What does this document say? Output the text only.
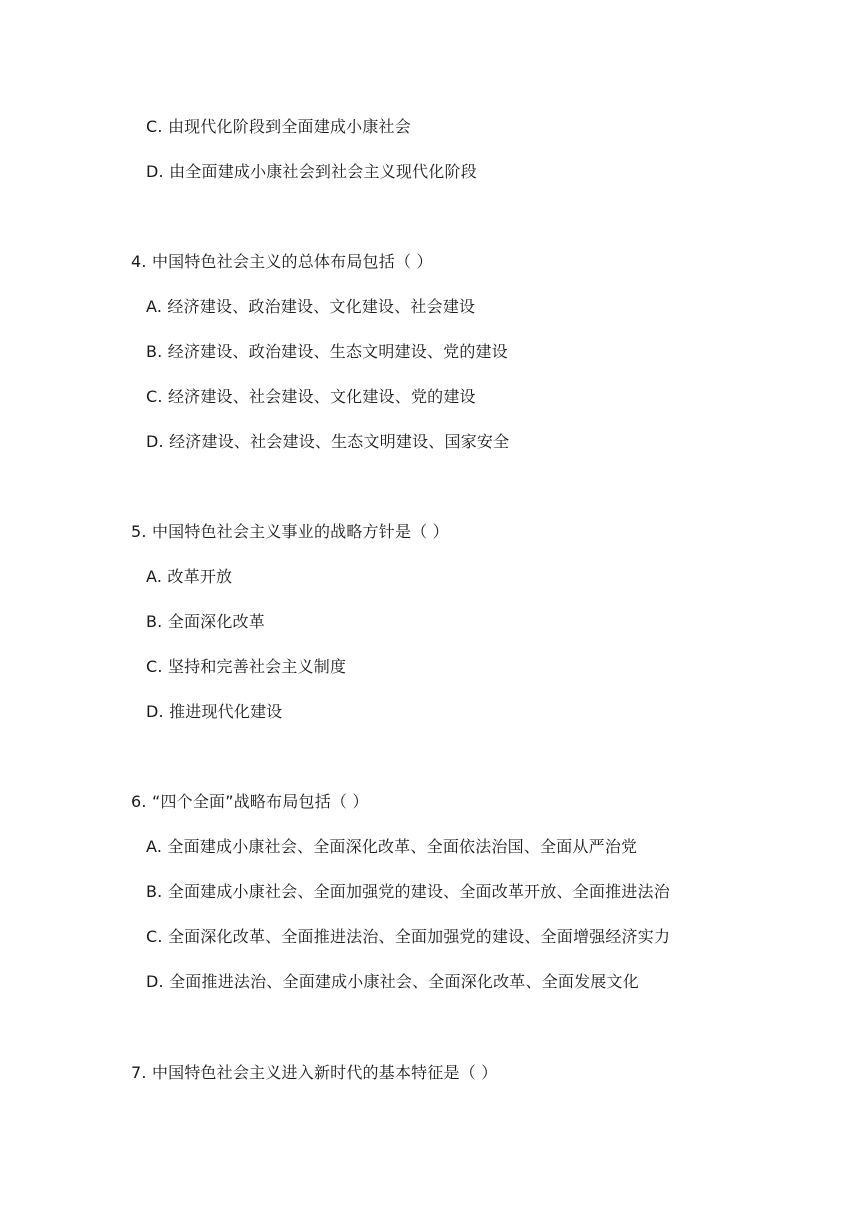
C. 由现代化阶段到全面建成小康社会
D. 由全面建成小康社会到社会主义现代化阶段
4. 中国特色社会主义的总体布局包括（ ）
A. 经济建设、政治建设、文化建设、社会建设
B. 经济建设、政治建设、生态文明建设、党的建设
C. 经济建设、社会建设、文化建设、党的建设
D. 经济建设、社会建设、生态文明建设、国家安全
5. 中国特色社会主义事业的战略方针是（ ）
A. 改革开放
B. 全面深化改革
C. 坚持和完善社会主义制度
D. 推进现代化建设
6. “四个全面”战略布局包括（ ）
A. 全面建成小康社会、全面深化改革、全面依法治国、全面从严治党
B. 全面建成小康社会、全面加强党的建设、全面改革开放、全面推进法治
C. 全面深化改革、全面推进法治、全面加强党的建设、全面增强经济实力
D. 全面推进法治、全面建成小康社会、全面深化改革、全面发展文化
7. 中国特色社会主义进入新时代的基本特征是（ ）
